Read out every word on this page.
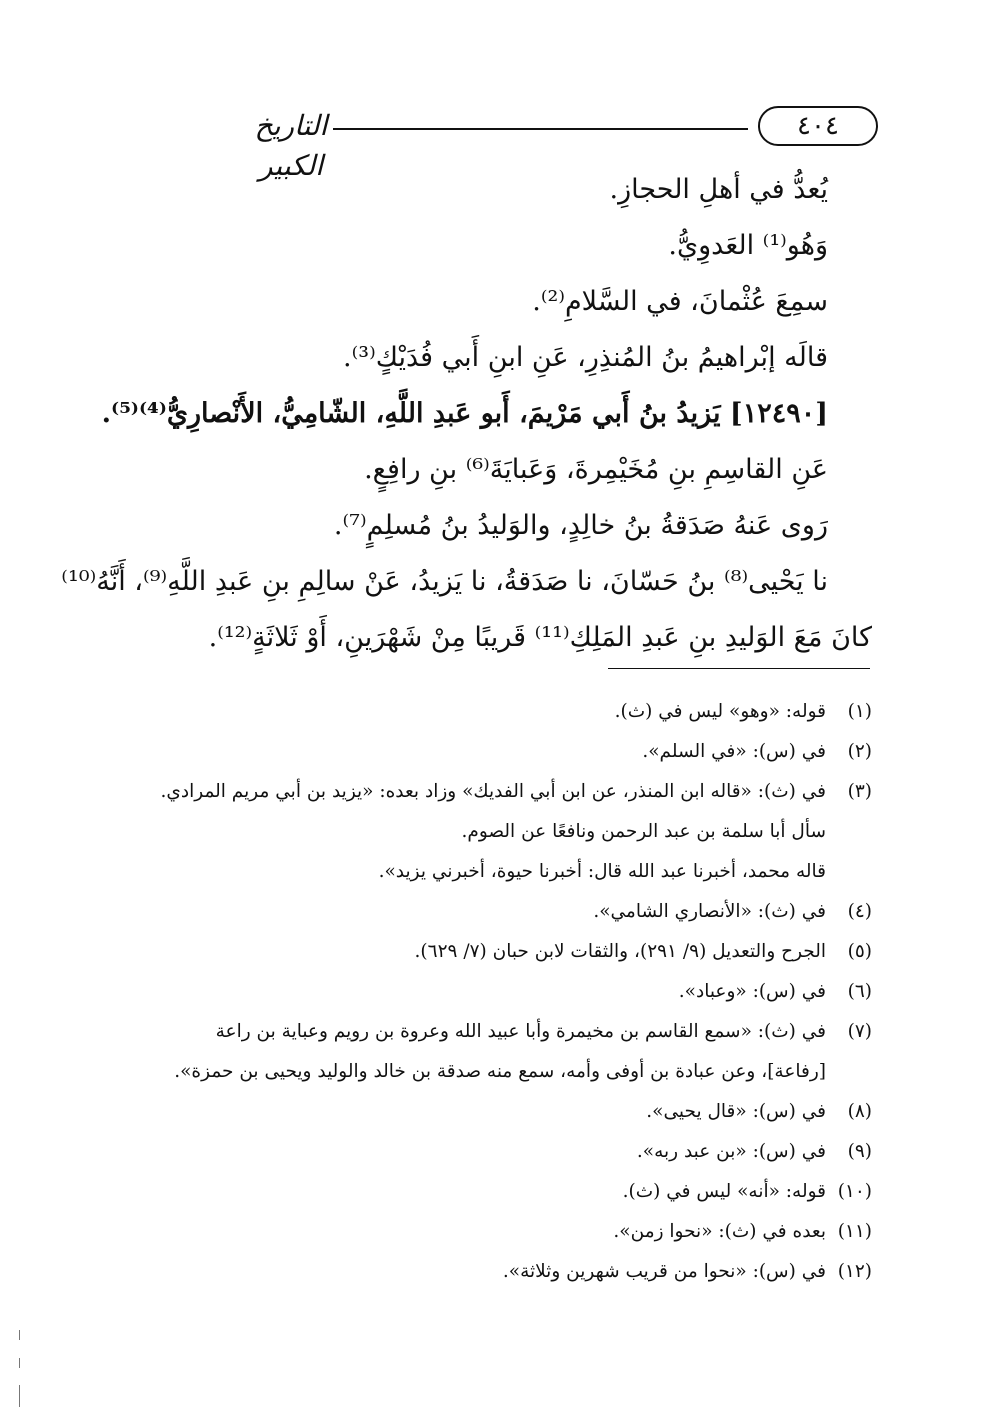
التاريخ الكبير
٤٠٤
يُعدُّ في أهلِ الحجازِ.
وَهُو⁽¹⁾ العَدوِيُّ.
سمِعَ عُثْمانَ، في السَّلامِ⁽²⁾.
قالَه إبْراهيمُ بنُ المُنذِرِ، عَنِ ابنِ أَبي فُدَيْكٍ⁽³⁾.
[١٢٤٩٠] يَزيدُ بنُ أَبي مَرْيمَ، أَبو عَبدِ اللَّهِ، الشّامِيُّ، الأَنْصارِيُّ⁽⁴⁾⁽⁵⁾.
عَنِ القاسِمِ بنِ مُخَيْمِرةَ، وَعَبايَةَ⁽⁶⁾ بنِ رافِعٍ.
رَوى عَنهُ صَدَقةُ بنُ خالِدٍ، والوَليدُ بنُ مُسلِمٍ⁽⁷⁾.
نا يَحْيى⁽⁸⁾ بنُ حَسّانَ، نا صَدَقةُ، نا يَزيدُ، عَنْ سالِمِ بنِ عَبدِ اللَّهِ⁽⁹⁾، أَنَّهُ⁽¹⁰⁾
كانَ مَعَ الوَليدِ بنِ عَبدِ المَلِكِ⁽¹¹⁾ قَريبًا مِنْ شَهْرَينِ، أَوْ ثَلاثَةٍ⁽¹²⁾.
(١)
قوله: «وهو» ليس في (ث).
(٢)
في (س): «في السلم».
(٣)
في (ث): «قاله ابن المنذر، عن ابن أبي الفديك» وزاد بعده: «يزيد بن أبي مريم المرادي.
سأل أبا سلمة بن عبد الرحمن ونافعًا عن الصوم.
قاله محمد، أخبرنا عبد الله قال: أخبرنا حيوة، أخبرني يزيد».
(٤)
في (ث): «الأنصاري الشامي».
(٥)
الجرح والتعديل (٩/ ٢٩١)، والثقات لابن حبان (٧/ ٦٢٩).
(٦)
في (س): «وعباد».
(٧)
في (ث): «سمع القاسم بن مخيمرة وأبا عبيد الله وعروة بن رويم وعباية بن راعة
[رفاعة]، وعن عبادة بن أوفى وأمه، سمع منه صدقة بن خالد والوليد ويحيى بن حمزة».
(٨)
في (س): «قال يحيى».
(٩)
في (س): «بن عبد ربه».
(١٠)
قوله: «أنه» ليس في (ث).
(١١)
بعده في (ث): «نحوا زمن».
(١٢)
في (س): «نحوا من قريب شهرين وثلاثة».
